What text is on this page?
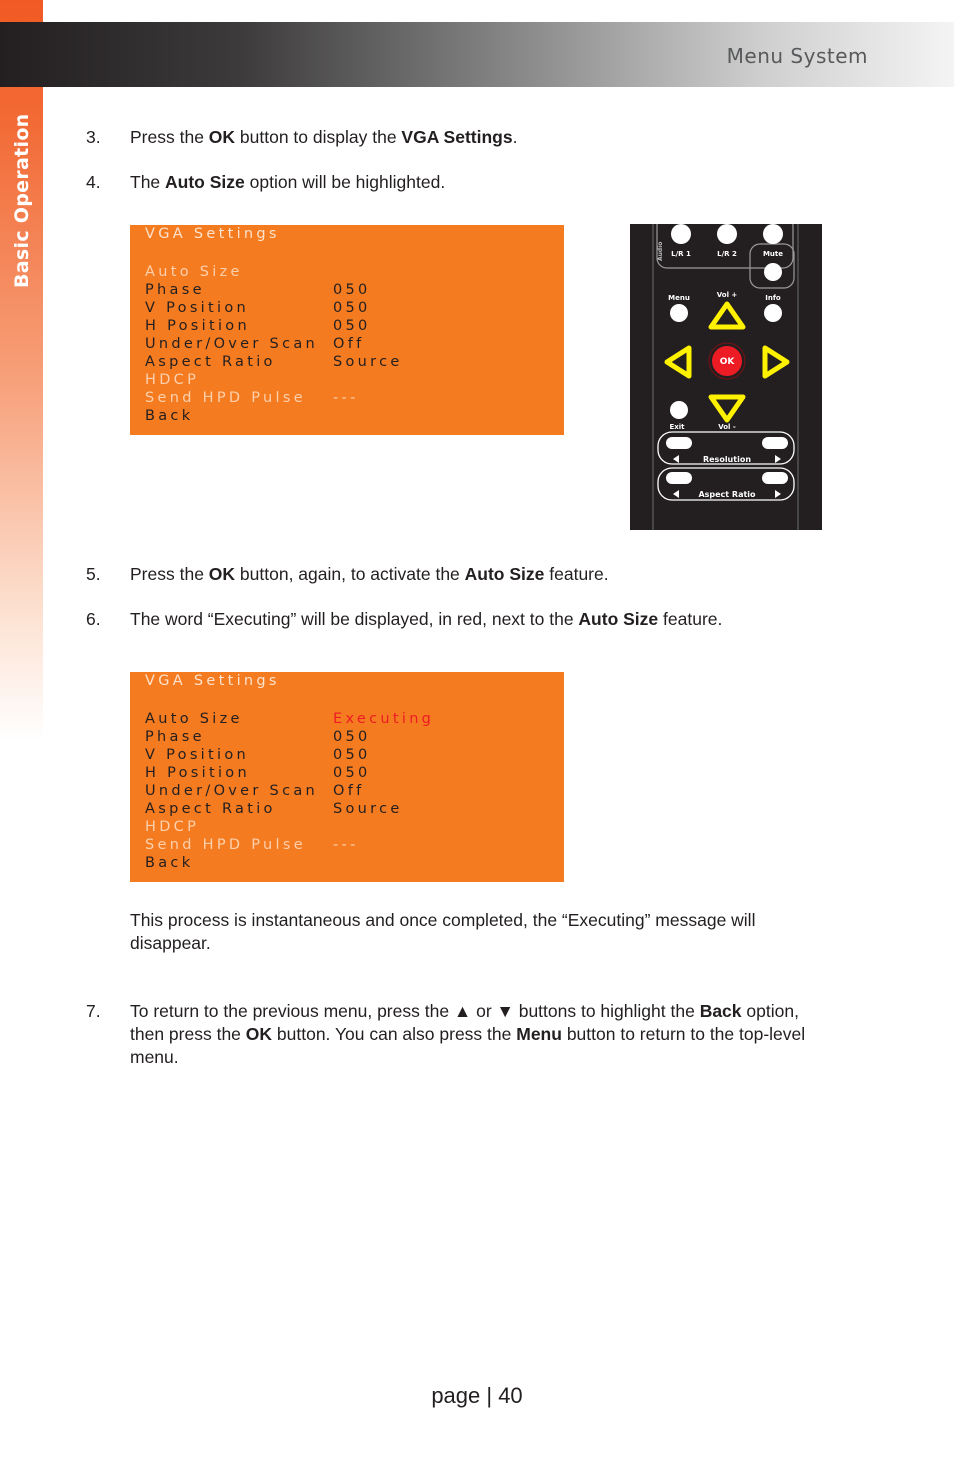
Basic Operation
Menu System
3. Press the OK button to display the VGA Settings.
4. The Auto Size option will be highlighted.
VGA Settings
Auto Size
Phase	050
V Position	050
H Position	050
Under/Over Scan Off
Aspect Ratio	Source
HDCP
Send HPD Pulse ---
Back
Audio L/R 1	L/R 2	Mute
Menu	Vol +	Info
OK
Exit	Vol -
Resolution
Aspect Ratio
5. Press the OK button, again, to activate the Auto Size feature.
6. The word “Executing” will be displayed, in red, next to the Auto Size feature.
VGA Settings
Auto Size	Executing
Phase	050
V Position	050
H Position	050
Under/Over Scan Off
Aspect Ratio	Source
HDCP
Send HPD Pulse ---
Back
This process is instantaneous and once completed, the “Executing” message will disappear.
7. To return to the previous menu, press the ▲ or ▼ buttons to highlight the Back option, then press the OK button. You can also press the Menu button to return to the top-level menu.
page | 40
